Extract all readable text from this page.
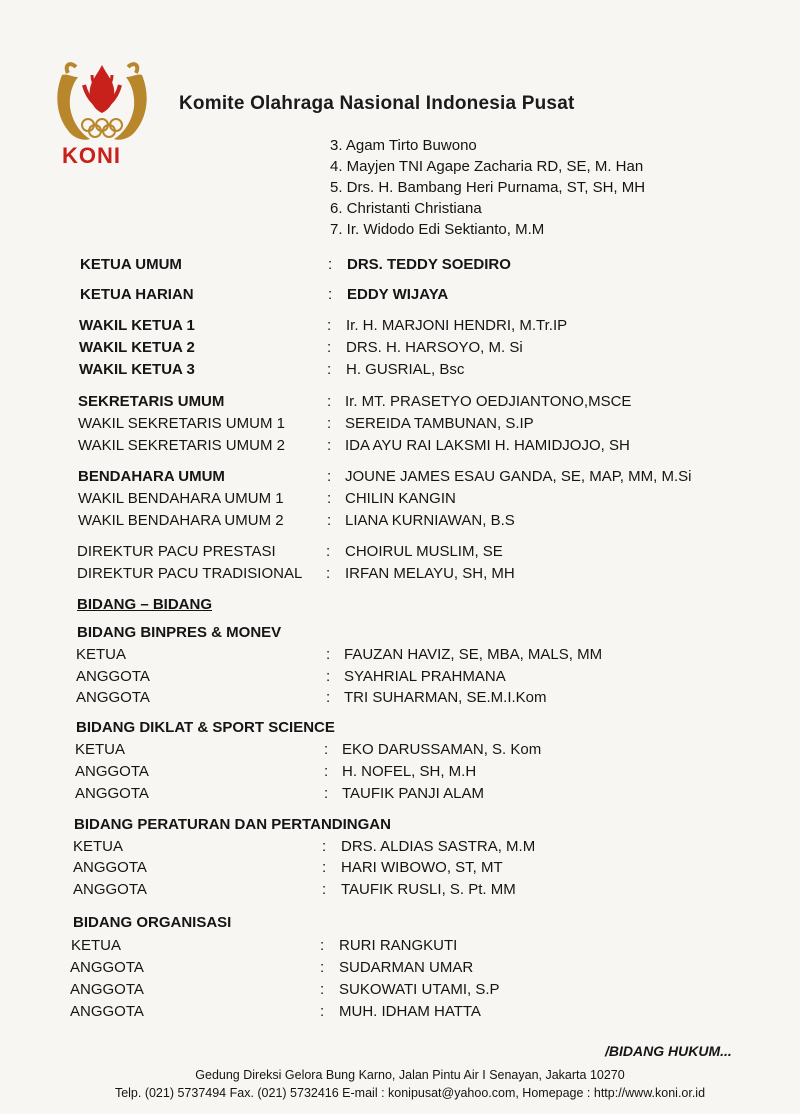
KONI
Komite Olahraga Nasional Indonesia Pusat
3. Agam Tirto Buwono
4. Mayjen TNI Agape Zacharia RD, SE, M. Han
5. Drs. H. Bambang Heri Purnama, ST, SH, MH
6. Christanti Christiana
7. Ir. Widodo Edi Sektianto, M.M
KETUA UMUM	: DRS. TEDDY SOEDIRO
KETUA HARIAN	: EDDY WIJAYA
WAKIL KETUA 1	: Ir. H. MARJONI HENDRI, M.Tr.IP
WAKIL KETUA 2	: DRS. H. HARSOYO, M. Si
WAKIL KETUA 3	: H. GUSRIAL, Bsc
SEKRETARIS UMUM	: Ir. MT. PRASETYO OEDJIANTONO,MSCE
WAKIL SEKRETARIS UMUM 1	: SEREIDA TAMBUNAN, S.IP
WAKIL SEKRETARIS UMUM 2	: IDA AYU RAI LAKSMI H. HAMIDJOJO, SH
BENDAHARA UMUM	: JOUNE JAMES ESAU GANDA, SE, MAP, MM, M.Si
WAKIL BENDAHARA UMUM 1	: CHILIN KANGIN
WAKIL BENDAHARA UMUM 2	: LIANA KURNIAWAN, B.S
DIREKTUR PACU PRESTASI	: CHOIRUL MUSLIM, SE
DIREKTUR PACU TRADISIONAL : IRFAN MELAYU, SH, MH
BIDANG – BIDANG
BIDANG BINPRES & MONEV
KETUA	: FAUZAN HAVIZ, SE, MBA, MALS, MM
ANGGOTA	: SYAHRIAL PRAHMANA
ANGGOTA	: TRI SUHARMAN, SE.M.I.Kom
BIDANG DIKLAT & SPORT SCIENCE
KETUA	: EKO DARUSSAMAN, S. Kom
ANGGOTA	: H. NOFEL, SH, M.H
ANGGOTA	: TAUFIK PANJI ALAM
BIDANG PERATURAN DAN PERTANDINGAN
KETUA	: DRS. ALDIAS SASTRA, M.M
ANGGOTA	: HARI WIBOWO, ST, MT
ANGGOTA	: TAUFIK RUSLI, S. Pt. MM
BIDANG ORGANISASI
KETUA	: RURI RANGKUTI
ANGGOTA	: SUDARMAN UMAR
ANGGOTA	: SUKOWATI UTAMI, S.P
ANGGOTA	: MUH. IDHAM HATTA
/BIDANG HUKUM...
Gedung Direksi Gelora Bung Karno, Jalan Pintu Air I Senayan, Jakarta 10270
Telp. (021) 5737494 Fax. (021) 5732416 E-mail : konipusat@yahoo.com, Homepage : http://www.koni.or.id
